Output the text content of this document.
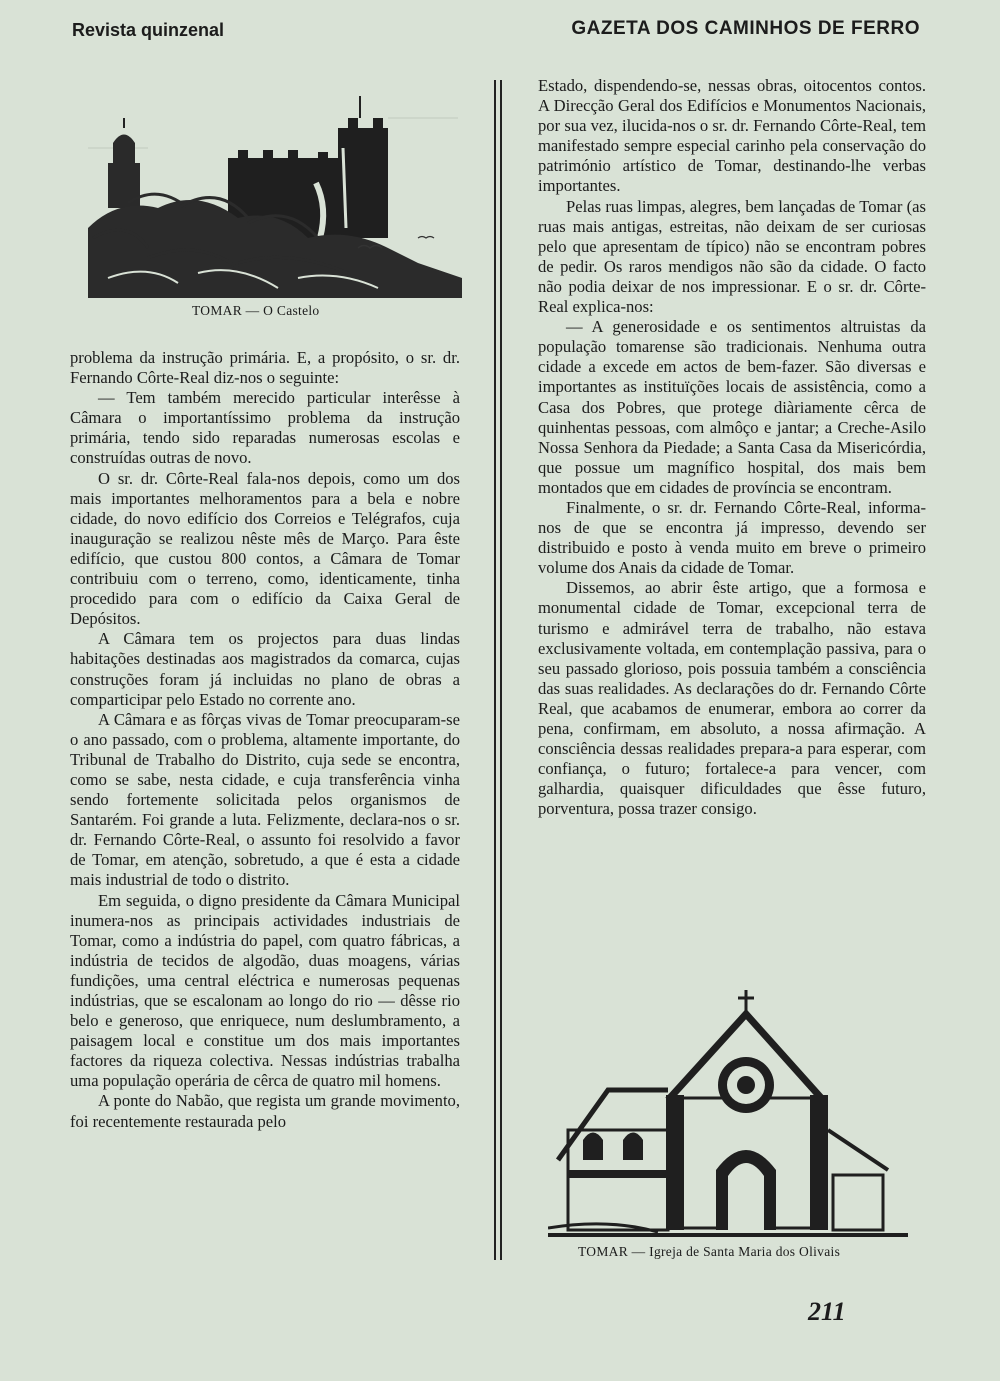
Revista quinzenal	GAZETA DOS CAMINHOS DE FERRO

TOMAR — O Castelo

problema da instrução primária. E, a propósito, o sr. dr. Fernando Côrte-Real diz-nos o seguinte:

— Tem também merecido particular interêsse à Câmara o importantíssimo problema da instrução primária, tendo sido reparadas numerosas escolas e construídas outras de novo.

O sr. dr. Côrte-Real fala-nos depois, como um dos mais importantes melhoramentos para a bela e nobre cidade, do novo edifício dos Correios e Telégrafos, cuja inauguração se realizou nêste mês de Março. Para êste edifício, que custou 800 contos, a Câmara de Tomar contribuiu com o terreno, como, identicamente, tinha procedido para com o edifício da Caixa Geral de Depósitos.

A Câmara tem os projectos para duas lindas habitações destinadas aos magistrados da comarca, cujas construções foram já incluidas no plano de obras a comparticipar pelo Estado no corrente ano.

A Câmara e as fôrças vivas de Tomar preocuparam-se o ano passado, com o problema, altamente importante, do Tribunal de Trabalho do Distrito, cuja sede se encontra, como se sabe, nesta cidade, e cuja transferência vinha sendo fortemente solicitada pelos organismos de Santarém. Foi grande a luta. Felizmente, declara-nos o sr. dr. Fernando Côrte-Real, o assunto foi resolvido a favor de Tomar, em atenção, sobretudo, a que é esta a cidade mais industrial de todo o distrito.

Em seguida, o digno presidente da Câmara Municipal inumera-nos as principais actividades industriais de Tomar, como a indústria do papel, com quatro fábricas, a indústria de tecidos de algodão, duas moagens, várias fundições, uma central eléctrica e numerosas pequenas indústrias, que se escalonam ao longo do rio — dêsse rio belo e generoso, que enriquece, num deslumbramento, a paisagem local e constitue um dos mais importantes factores da riqueza colectiva. Nessas indústrias trabalha uma população operária de cêrca de quatro mil homens.

A ponte do Nabão, que regista um grande movimento, foi recentemente restaurada pelo

Estado, dispendendo-se, nessas obras, oitocentos contos. A Direcção Geral dos Edifícios e Monumentos Nacionais, por sua vez, ilucida-nos o sr. dr. Fernando Côrte-Real, tem manifestado sempre especial carinho pela conservação do património artístico de Tomar, destinando-lhe verbas importantes.

Pelas ruas limpas, alegres, bem lançadas de Tomar (as ruas mais antigas, estreitas, não deixam de ser curiosas pelo que apresentam de típico) não se encontram pobres de pedir. Os raros mendigos não são da cidade. O facto não podia deixar de nos impressionar. E o sr. dr. Côrte-Real explica-nos:

— A generosidade e os sentimentos altruistas da população tomarense são tradicionais. Nenhuma outra cidade a excede em actos de bem-fazer. São diversas e importantes as instituïções locais de assistência, como a Casa dos Pobres, que protege diàriamente cêrca de quinhentas pessoas, com almôço e jantar; a Creche-Asilo Nossa Senhora da Piedade; a Santa Casa da Misericórdia, que possue um magnífico hospital, dos mais bem montados que em cidades de província se encontram.

Finalmente, o sr. dr. Fernando Côrte-Real, informa-nos de que se encontra já impresso, devendo ser distribuido e posto à venda muito em breve o primeiro volume dos Anais da cidade de Tomar.

Dissemos, ao abrir êste artigo, que a formosa e monumental cidade de Tomar, excepcional terra de turismo e admirável terra de trabalho, não estava exclusivamente voltada, em contemplação passiva, para o seu passado glorioso, pois possuia também a consciência das suas realidades. As declarações do dr. Fernando Côrte Real, que acabamos de enumerar, embora ao correr da pena, confirmam, em absoluto, a nossa afirmação. A consciência dessas realidades prepara-a para esperar, com confiança, o futuro; fortalece-a para vencer, com galhardia, quaisquer dificuldades que êsse futuro, porventura, possa trazer consigo.

TOMAR — Igreja de Santa Maria dos Olivais
211
